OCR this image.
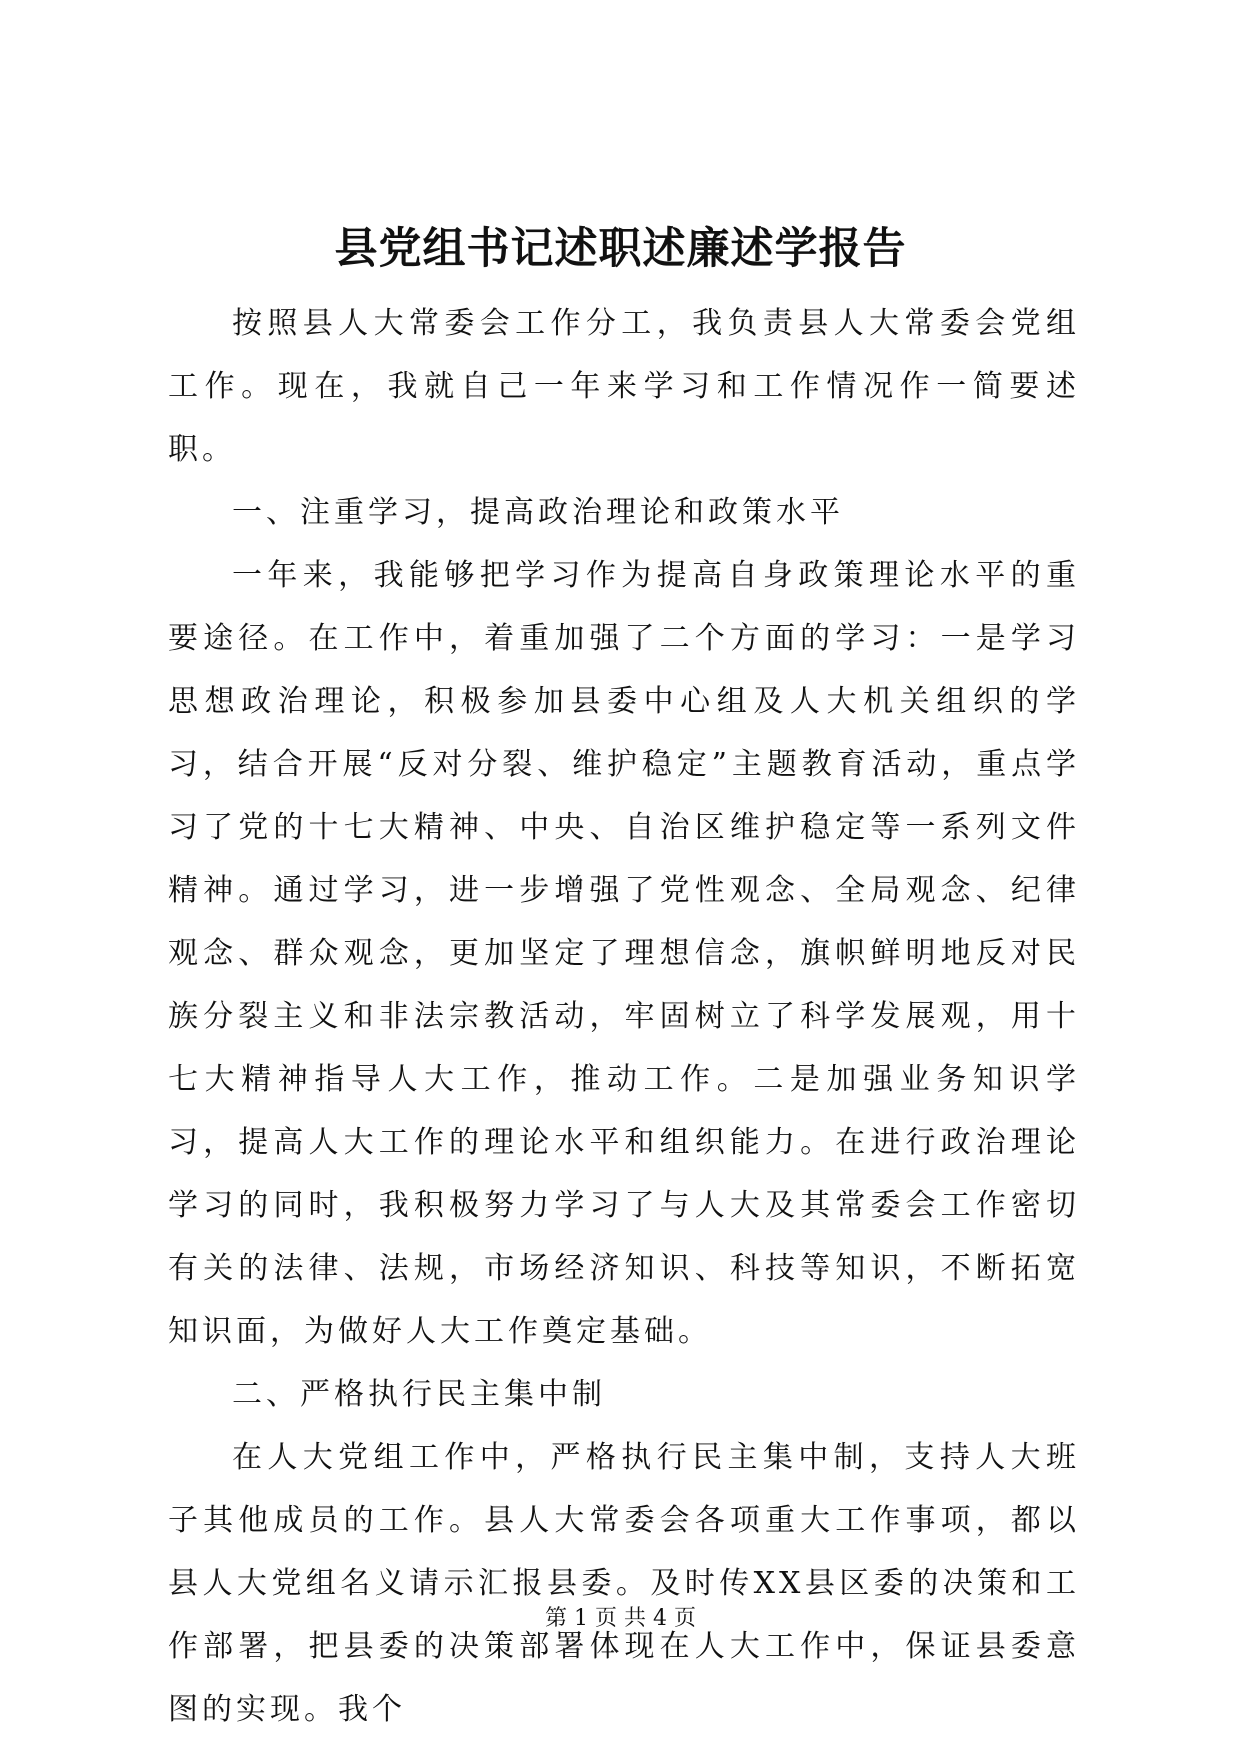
县党组书记述职述廉述学报告

按照县人大常委会工作分工，我负责县人大常委会党组工作。现在，我就自己一年来学习和工作情况作一简要述职。

一、注重学习，提高政治理论和政策水平

一年来，我能够把学习作为提高自身政策理论水平的重要途径。在工作中，着重加强了二个方面的学习：一是学习思想政治理论，积极参加县委中心组及人大机关组织的学习，结合开展“反对分裂、维护稳定”主题教育活动，重点学习了党的十七大精神、中央、自治区维护稳定等一系列文件精神。通过学习，进一步增强了党性观念、全局观念、纪律观念、群众观念，更加坚定了理想信念，旗帜鲜明地反对民族分裂主义和非法宗教活动，牢固树立了科学发展观，用十七大精神指导人大工作，推动工作。二是加强业务知识学习，提高人大工作的理论水平和组织能力。在进行政治理论学习的同时，我积极努力学习了与人大及其常委会工作密切有关的法律、法规，市场经济知识、科技等知识，不断拓宽知识面，为做好人大工作奠定基础。

二、严格执行民主集中制

在人大党组工作中，严格执行民主集中制，支持人大班子其他成员的工作。县人大常委会各项重大工作事项，都以县人大党组名义请示汇报县委。及时传XX县区委的决策和工作部署，把县委的决策部署体现在人大工作中，保证县委意图的实现。我个

第 1 页 共 4 页
